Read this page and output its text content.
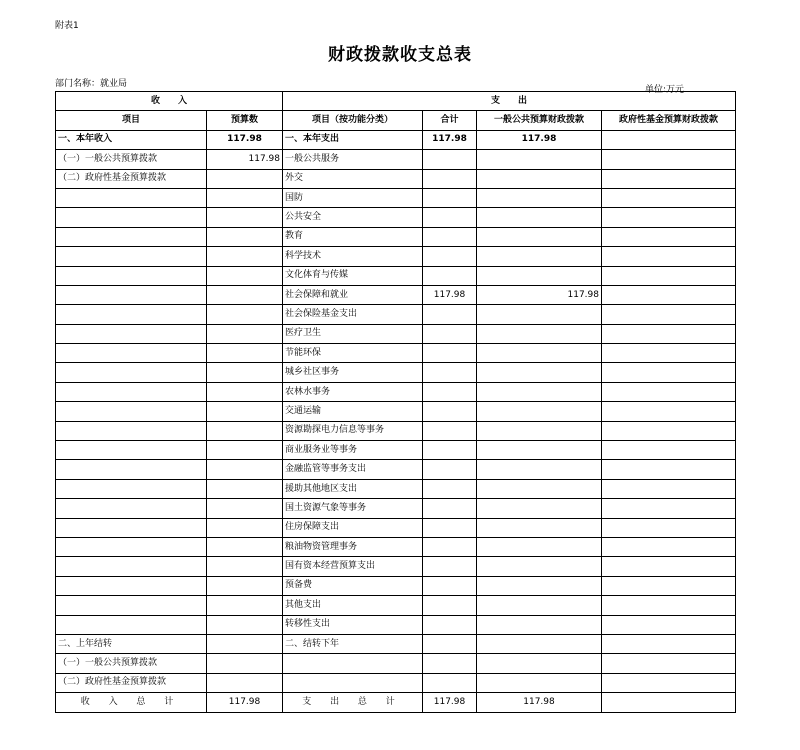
附表1
财政拨款收支总表
部门名称：就业局
单位:万元
收　　入		支　　出			
项目	预算数	项目（按功能分类）	合计	一般公共预算财政拨款	政府性基金预算财政拨款
一、本年收入	117.98	一、本年支出	117.98	117.98	
（一）一般公共预算拨款	117.98	一般公共服务			
（二）政府性基金预算拨款		外交			
		国防			
		公共安全			
		教育			
		科学技术			
		文化体育与传媒			
		社会保障和就业	117.98	117.98	
		社会保险基金支出			
		医疗卫生			
		节能环保			
		城乡社区事务			
		农林水事务			
		交通运输			
		资源勘探电力信息等事务			
		商业服务业等事务			
		金融监管等事务支出			
		援助其他地区支出			
		国土资源气象等事务			
		住房保障支出			
		粮油物资管理事务			
		国有资本经营预算支出			
		预备费			
		其他支出			
		转移性支出			
二、上年结转		二、结转下年			
（一）一般公共预算拨款					
（二）政府性基金预算拨款					
收 入 总 计	117.98	支 出 总 计	117.98	117.98	
